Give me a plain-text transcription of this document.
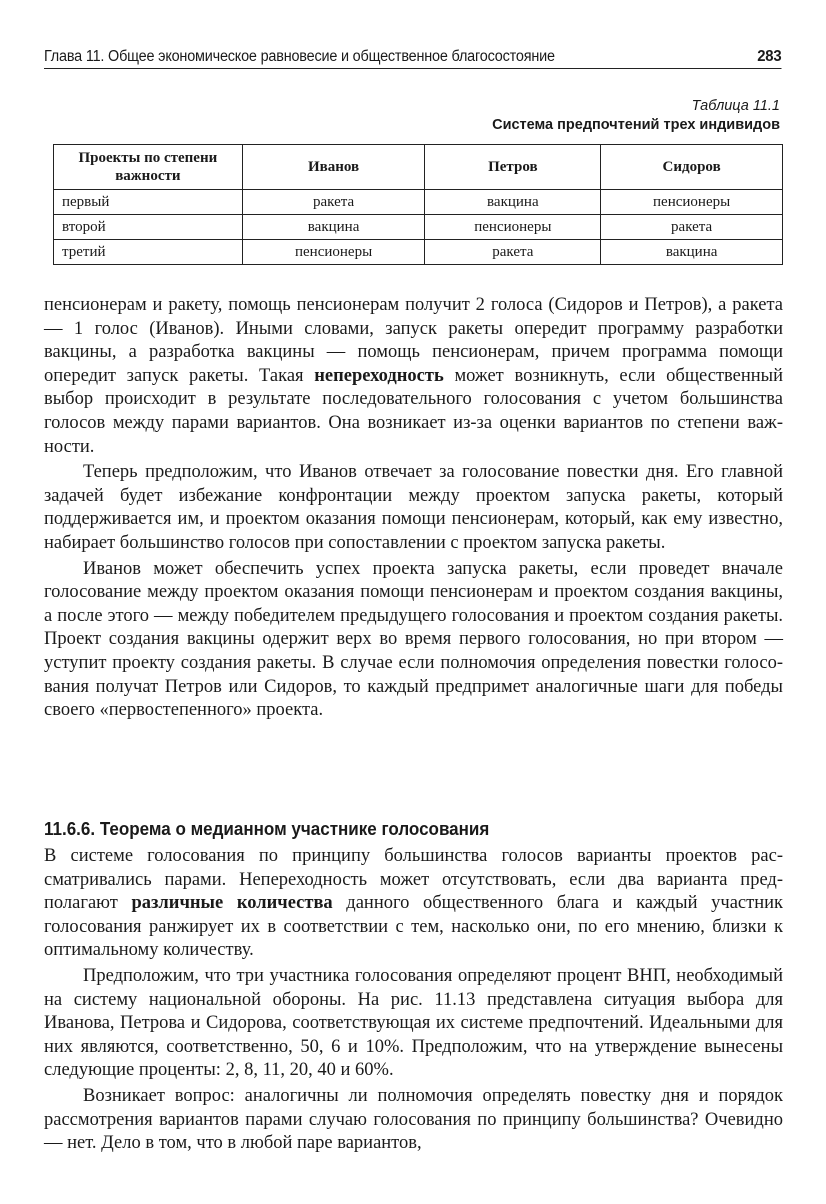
Глава 11. Общее экономическое равновесие и общественное благосостояние	283
Таблица 11.1
Система предпочтений трех индивидов
Проекты по степени важности	Иванов	Петров	Сидоров
первый	ракета	вакцина	пенсионеры
второй	вакцина	пенсионеры	ракета
третий	пенсионеры	ракета	вакцина

пенсионерам и ракету, помощь пенсионерам получит 2 голоса (Сидоров и Петров), а ракета — 1 голос (Иванов). Иными словами, запуск ракеты опередит программу разработки вакцины, а разработка вакцины — помощь пенсионерам, причем программа помощи опередит запуск ракеты. Такая непереходность может возникнуть, если общественный выбор происходит в результате последовательного голосования с учетом большинства голосов между парами вариантов. Она возникает из-за оценки вариантов по степени важности.

Теперь предположим, что Иванов отвечает за голосование повестки дня. Его главной задачей будет избежание конфронтации между проектом запуска ракеты, который поддерживается им, и проектом оказания помощи пенсионерам, который, как ему известно, набирает большинство голосов при сопоставлении с проектом запуска ракеты.

Иванов может обеспечить успех проекта запуска ракеты, если проведет вначале голосование между проектом оказания помощи пенсионерам и проектом создания вакцины, а после этого — между победителем предыдущего голосования и проектом создания ракеты. Проект создания вакцины одержит верх во время первого голосования, но при втором — уступит проекту создания ракеты. В случае если полномочия определения повестки голосования получат Петров или Сидоров, то каждый предпримет аналогичные шаги для победы своего «первостепенного» проекта.

11.6.6. Теорема о медианном участнике голосования

В системе голосования по принципу большинства голосов варианты проектов рассматривались парами. Непереходность может отсутствовать, если два варианта предполагают различные количества данного общественного блага и каждый участник голосования ранжирует их в соответствии с тем, насколько они, по его мнению, близки к оптимальному количеству.

Предположим, что три участника голосования определяют процент ВНП, необходимый на систему национальной обороны. На рис. 11.13 представлена ситуация выбора для Иванова, Петрова и Сидорова, соответствующая их системе предпочтений. Идеальными для них являются, соответственно, 50, 6 и 10%. Предположим, что на утверждение вынесены следующие проценты: 2, 8, 11, 20, 40 и 60%.

Возникает вопрос: аналогичны ли полномочия определять повестку дня и порядок рассмотрения вариантов парами случаю голосования по принципу большинства? Очевидно — нет. Дело в том, что в любой паре вариантов,
